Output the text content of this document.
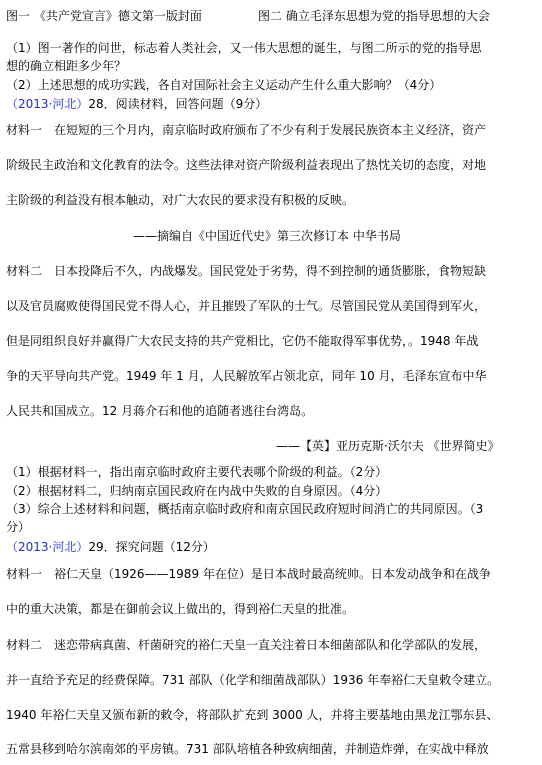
图一 《共产党宣言》德文第一版封面	图二 确立毛泽东思想为党的指导思想的大会
（1）图一著作的问世，标志着人类社会，又一伟大思想的诞生，与图二所示的党的指导思
想的确立相距多少年？
（2）上述思想的成功实践，各自对国际社会主义运动产生什么重大影响？（4分）
（2013·河北）28．阅读材料，回答问题（9分）
材料一　在短短的三个月内，南京临时政府颁布了不少有利于发展民族资本主义经济，资产
阶级民主政治和文化教育的法令。这些法律对资产阶级利益表现出了热忱关切的态度，对地
主阶级的利益没有根本触动，对广大农民的要求没有积极的反映。
——摘编自《中国近代史》第三次修订本 中华书局
材料二　日本投降后不久，内战爆发。国民党处于劣势，得不到控制的通货膨胀，食物短缺
以及官员腐败使得国民党不得人心，并且摧毁了军队的士气。尽管国民党从美国得到军火，
但是同组织良好并赢得广大农民支持的共产党相比，它仍不能取得军事优势，。1948 年战
争的天平导向共产党。1949 年 1 月，人民解放军占领北京，同年 10 月，毛泽东宣布中华
人民共和国成立。12 月蒋介石和他的追随者逃往台湾岛。
——【英】亚历克斯·沃尔夫 《世界简史》
（1）根据材料一，指出南京临时政府主要代表哪个阶级的利益。（2分）
（2）根据材料二，归纳南京国民政府在内战中失败的自身原因。（4分）
（3）综合上述材料和问题，概括南京临时政府和南京国民政府短时间消亡的共同原因。（3
分）
（2013·河北）29．探究问题（12分）
材料一　裕仁天皇（1926——1989 年在位）是日本战时最高统帅。日本发动战争和在战争
中的重大决策，都是在御前会议上做出的，得到裕仁天皇的批准。
材料二　迷恋带病真菌、杆菌研究的裕仁天皇一直关注着日本细菌部队和化学部队的发展，
并一直给予充足的经费保障。731 部队（化学和细菌战部队）1936 年奉裕仁天皇敕令建立。
1940 年裕仁天皇又颁布新的敕令，将部队扩充到 3000 人，并将主要基地由黑龙江鄂东县、
五常县移到哈尔滨南郊的平房镇。731 部队培植各种致病细菌，并制造炸弹，在实战中释放
